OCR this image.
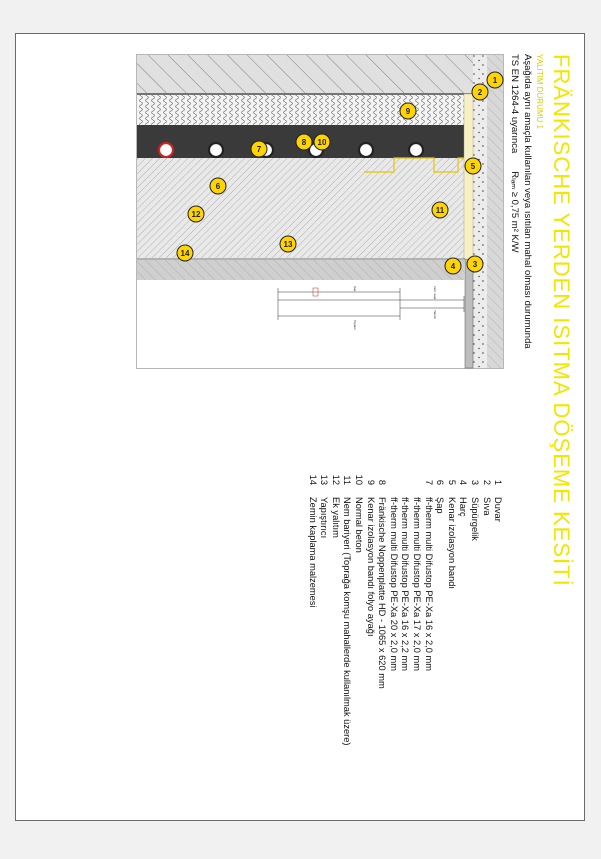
FRÄNKISCHE YERDEN ISITMA DÖŞEME KESİTİ
YALITIM DURUMU 1
Aşağıda aynı amaçla kullanılan veya ısıtılan mahal olması durumunda
TS EN 1264-4 uyarıncaRₗₐₘ ≥ 0,75 m² K/W
Zem. kapl.
Şap
Yalıtım
Toplam
1
2
3
4
5
6
7
8
9
10
11
12
13
14
1
Duvar
2
Sıva
3
Süpürgelik
4
Harç
5
Kenar izolasyon bandı
6
Şap
7
ff-therm multi Difustop PE-Xa 16 x 2,0 mm
ff-therm multi Difustop PE-Xa 17 x 2,0 mm
ff-therm multi Difustop PE-Xa 16 x 2,2 mm
ff-therm multi Difustop PE-Xa 20 x 2,0 mm
8
Fränkische Noppenplatte HD - 1065 x 620 mm
9
Kenar izolasyon bandı folyo ayağı
10
Normal beton
11
Nem bariyeri (Toprağa komşu mahallerde kullanılmak üzere)
12
Ek yalıtım
13
Yapıştırıcı
14
Zemin kaplama malzemesi
